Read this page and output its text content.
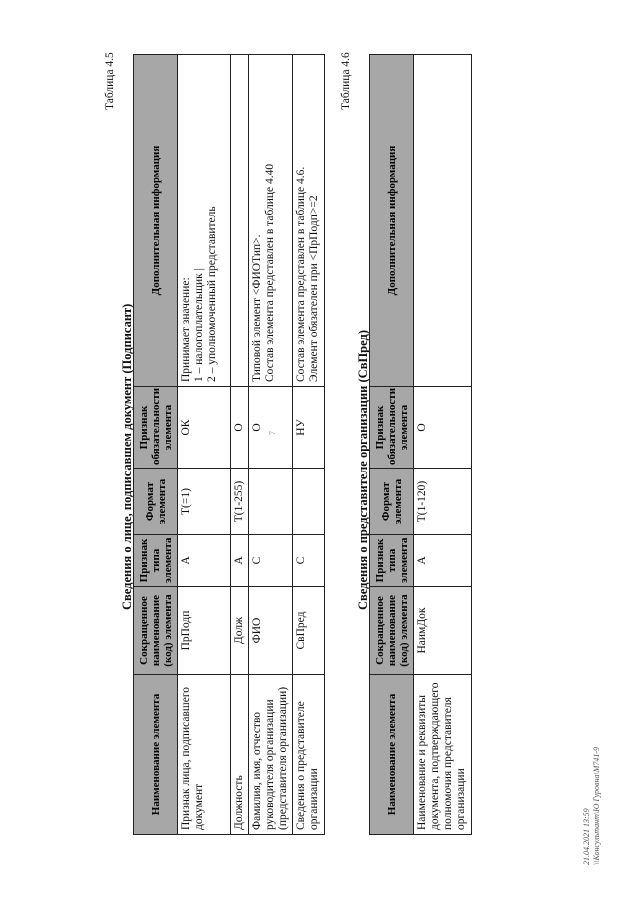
7
Таблица 4.5
Сведения о лице, подписавшем документ (Подписант)
Наименование элемента	Сокращенное наименование (код) элемента	Признак типа элемента	Формат элемента	Признак обязательности элемента	Дополнительная информация
Признак лица, подписавшего документ	ПрПодп	А	T(=1)	ОК	Принимает значение: 1 – налогоплательщик | 2 – уполномоченный представитель

Должность	Долж	А	T(1-255)	О	
Фамилия, имя, отчество руководителя организации (представителя организации)	ФИО	С		О	Типовой элемент <ФИОТип>. Состав элемента представлен в таблице 4.40

Сведения о представителе организации	СвПред	С		НУ	Состав элемента представлен в таблице 4.6. Элемент обязателен при <ПрПодп>=2
Таблица 4.6
Сведения о представителе организации (СвПред)
Наименование элемента	Сокращенное наименование (код) элемента	Признак типа элемента	Формат элемента	Признак обязательности элемента	Дополнительная информация
Наименование и реквизиты документа, подтверждающего полномочия представителя организации	НаимДок	А	T(1-120)	О	
21.04.2021 13:59 \\Консультант\Ю Гуровна\М741-9
